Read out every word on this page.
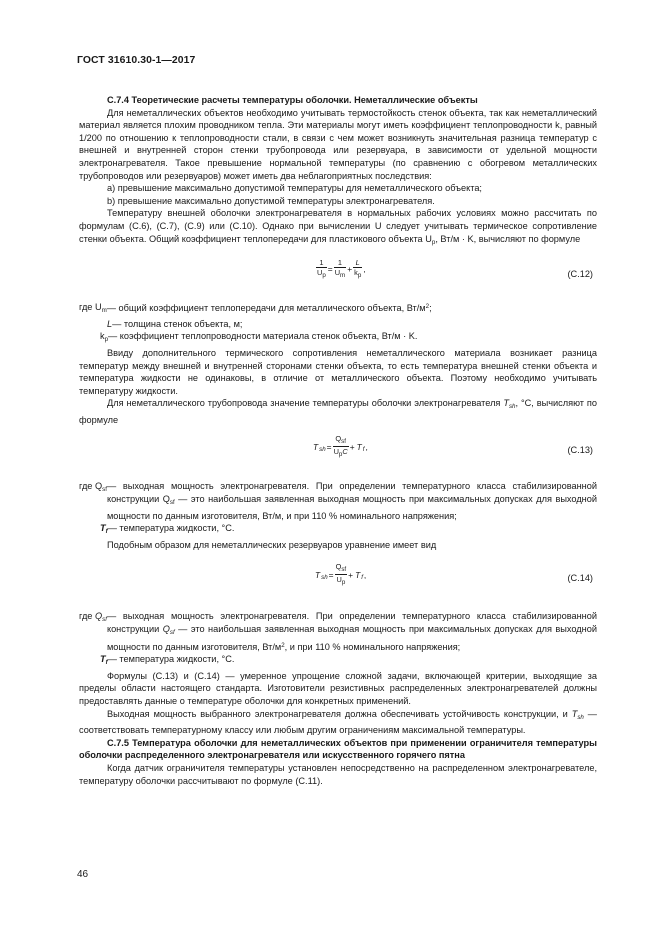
ГОСТ 31610.30-1—2017

С.7.4 Теоретические расчеты температуры оболочки. Неметаллические объекты

Для неметаллических объектов необходимо учитывать термостойкость стенок объекта, так как неметаллический материал является плохим проводником тепла. Эти материалы могут иметь коэффициент теплопроводности k, равный 1/200 по отношению к теплопроводности стали, в связи с чем может возникнуть значительная разница температур с внешней и внутренней сторон стенки трубопровода или резервуара, в зависимости от удельной мощности электронагревателя. Такое превышение нормальной температуры (по сравнению с обогревом металлических трубопроводов или резервуаров) может иметь два неблагоприятных последствия:

а) превышение максимально допустимой температуры для неметаллического объекта;

b) превышение максимально допустимой температуры электронагревателя.

Температуру внешней оболочки электронагревателя в нормальных рабочих условиях можно рассчитать по формулам (С.6), (С.7), (С.9) или (С.10). Однако при вычислении U следует учитывать термическое сопротивление стенки объекта. Общий коэффициент теплопередачи для пластикового объекта $U_p$, Вт/м · K, вычисляют по формуле

$\frac{1}{U_p} = \frac{1}{U_m} + \frac{L}{k_p}$ ,
(С.12)
где $U_m$ — общий коэффициент теплопередачи для металлического объекта, $Вт/м^2$;
L — толщина стенок объекта, м;
$k_p$ — коэффициент теплопроводности материала стенок объекта, Вт/м · K.

Ввиду дополнительного термического сопротивления неметаллического материала возникает разница температур между внешней и внутренней сторонами стенки объекта, то есть температура внешней стенки объекта и температура жидкости не одинаковы, в отличие от металлического объекта. Поэтому необходимо учитывать температуру жидкости.

Для неметаллического трубопровода значение температуры оболочки электронагревателя $T_{sh}$, °С, вычисляют по формуле

$T_{sh}= \frac{Q_{sf}}{U_pC} + T_f$,	(С.13)
где $Q_{sf}$ — выходная мощность электронагревателя. При определении температурного класса стабилизированной конструкции $Q_{sf}$ — это наибольшая заявленная выходная мощность при максимальных допусках для выходной мощности по данным изготовителя, Вт/м, и при 110 % номинального напряжения;
$T_f$ — температура жидкости, °С.

Подобным образом для неметаллических резервуаров уравнение имеет вид

$T_{sh}= \frac{Q_{sf}}{U_p} + T_f$,	(С.14)
где $Q_{sf}$ — выходная мощность электронагревателя. При определении температурного класса стабилизированной конструкции $Q_{sf}$ — это наибольшая заявленная выходная мощность при максимальных допусках для выходной мощности по данным изготовителя, $Вт/м^2$, и при 110 % номинального напряжения;
$T_f$ — температура жидкости, °С.

Формулы (С.13) и (С.14) — умеренное упрощение сложной задачи, включающей критерии, выходящие за пределы области настоящего стандарта. Изготовители резистивных распределенных электронагревателей должны предоставлять данные о температуре оболочки для конкретных применений.

Выходная мощность выбранного электронагревателя должна обеспечивать устойчивость конструкции, и $T_{sh}$ — соответствовать температурному классу или любым другим ограничениям максимальной температуры.

С.7.5 Температура оболочки для неметаллических объектов при применении ограничителя температуры оболочки распределенного электронагревателя или искусственного горячего пятна

Когда датчик ограничителя температуры установлен непосредственно на распределенном электронагревателе, температуру оболочки рассчитывают по формуле (С.11).

46
